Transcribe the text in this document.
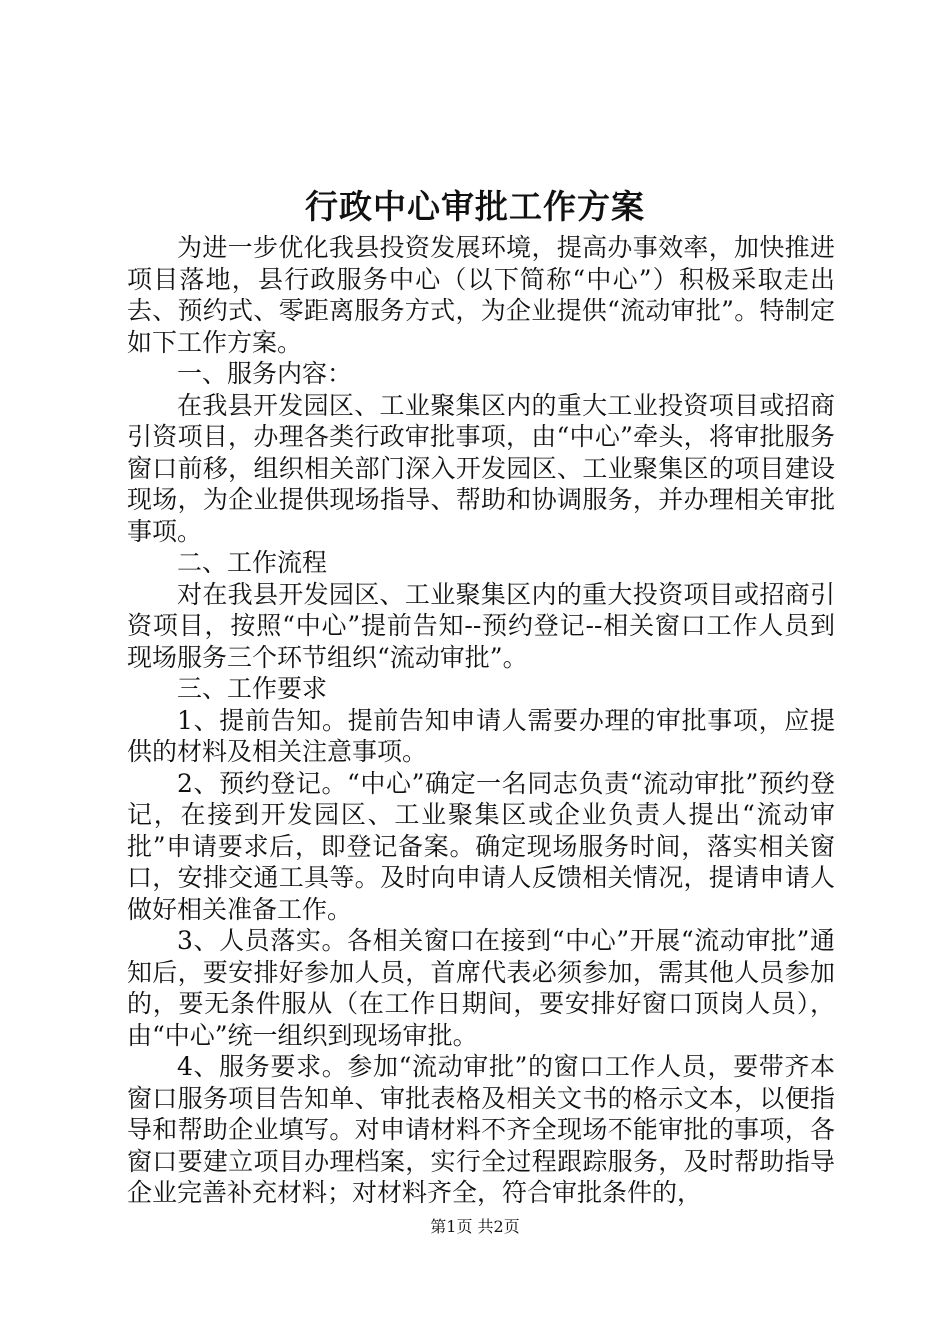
行政中心审批工作方案

为进一步优化我县投资发展环境，提高办事效率，加快推进项目落地，县行政服务中心（以下简称“中心”）积极采取走出去、预约式、零距离服务方式，为企业提供“流动审批”。特制定如下工作方案。

一、服务内容：

在我县开发园区、工业聚集区内的重大工业投资项目或招商引资项目，办理各类行政审批事项，由“中心”牵头，将审批服务窗口前移，组织相关部门深入开发园区、工业聚集区的项目建设现场，为企业提供现场指导、帮助和协调服务，并办理相关审批事项。

二、工作流程

对在我县开发园区、工业聚集区内的重大投资项目或招商引资项目，按照“中心”提前告知--预约登记--相关窗口工作人员到现场服务三个环节组织“流动审批”。

三、工作要求

1、提前告知。提前告知申请人需要办理的审批事项，应提供的材料及相关注意事项。

2、预约登记。“中心”确定一名同志负责“流动审批”预约登记，在接到开发园区、工业聚集区或企业负责人提出“流动审批”申请要求后，即登记备案。确定现场服务时间，落实相关窗口，安排交通工具等。及时向申请人反馈相关情况，提请申请人做好相关准备工作。

3、人员落实。各相关窗口在接到“中心”开展“流动审批”通知后，要安排好参加人员，首席代表必须参加，需其他人员参加的，要无条件服从（在工作日期间，要安排好窗口顶岗人员），由“中心”统一组织到现场审批。

4、服务要求。参加“流动审批”的窗口工作人员，要带齐本窗口服务项目告知单、审批表格及相关文书的格示文本，以便指导和帮助企业填写。对申请材料不齐全现场不能审批的事项，各窗口要建立项目办理档案，实行全过程跟踪服务，及时帮助指导企业完善补充材料；对材料齐全，符合审批条件的，

第1页 共2页
